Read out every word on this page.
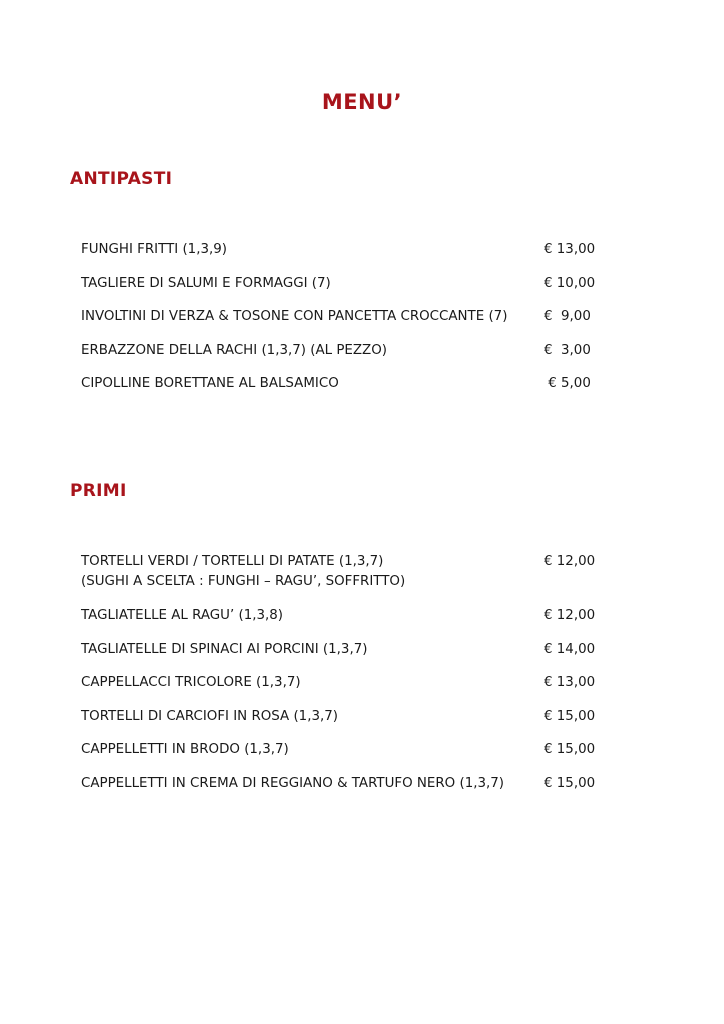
MENU’
ANTIPASTI
FUNGHI FRITTI (1,3,9)	€ 13,00
TAGLIERE DI SALUMI E FORMAGGI (7)	€ 10,00
INVOLTINI DI VERZA & TOSONE CON PANCETTA CROCCANTE (7)	€  9,00
ERBAZZONE DELLA RACHI (1,3,7) (AL PEZZO)	€  3,00
CIPOLLINE BORETTANE AL BALSAMICO	€ 5,00
PRIMI
TORTELLI VERDI / TORTELLI DI PATATE (1,3,7)
(SUGHI A SCELTA : FUNGHI – RAGU’, SOFFRITTO)
€ 12,00
TAGLIATELLE AL RAGU’ (1,3,8)	€ 12,00
TAGLIATELLE DI SPINACI AI PORCINI (1,3,7)	€ 14,00
CAPPELLACCI TRICOLORE (1,3,7)	€ 13,00
TORTELLI DI CARCIOFI IN ROSA (1,3,7)	€ 15,00
CAPPELLETTI IN BRODO (1,3,7)	€ 15,00
CAPPELLETTI IN CREMA DI REGGIANO & TARTUFO NERO (1,3,7)	€ 15,00
